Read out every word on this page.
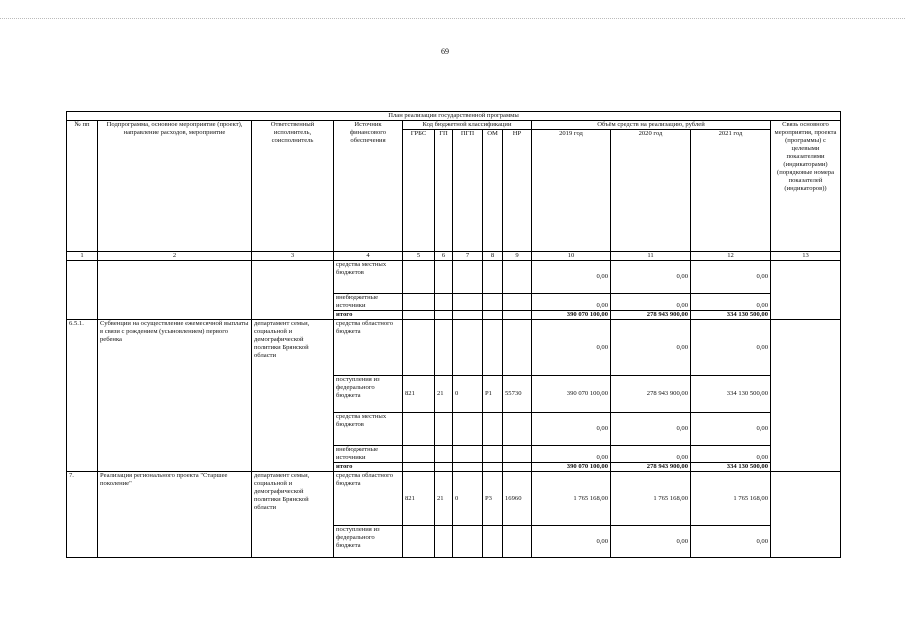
69
План реализации государственной программы												
№ пп	Подпрограмма, основное мероприятие (проект), направление расходов, мероприятие	Ответственный исполнитель, соисполнитель	Источник финансового обеспечения	Код бюджетной классификации					Объём средств на реализацию, рублей			Связь основного мероприятия, проекта (программы) с целевыми показателями (индикаторами) (порядковые номера показателей (индикаторов))
				ГРБС	ГП	ПГП	ОМ	НР	2019 год	2020 год	2021 год	
1	2	3	4	5	6	7	8	9	10	11	12	13
			средства местных бюджетов						0,00	0,00	0,00	
			внебюджетные источники						0,00	0,00	0,00	
			итого						390 070 100,00	278 943 900,00	334 130 500,00	
6.5.1.	Субвенции на осуществление ежемесячной выплаты в связи с рождением (усыновлением) первого ребенка	департамент семьи, социальной и демографической политики Брянской области	средства областного бюджета						0,00	0,00	0,00	
			поступления из федерального бюджета	821	21	0	P1	55730	390 070 100,00	278 943 900,00	334 130 500,00	
			средства местных бюджетов						0,00	0,00	0,00	
			внебюджетные источники						0,00	0,00	0,00	
			итого						390 070 100,00	278 943 900,00	334 130 500,00	
7.	Реализация регионального проекта "Старшее поколение"	департамент семьи, социальной и демографической политики Брянской области	средства областного бюджета	821	21	0	P3	16960	1 765 168,00	1 765 168,00	1 765 168,00	
			поступления из федерального бюджета						0,00	0,00	0,00	
